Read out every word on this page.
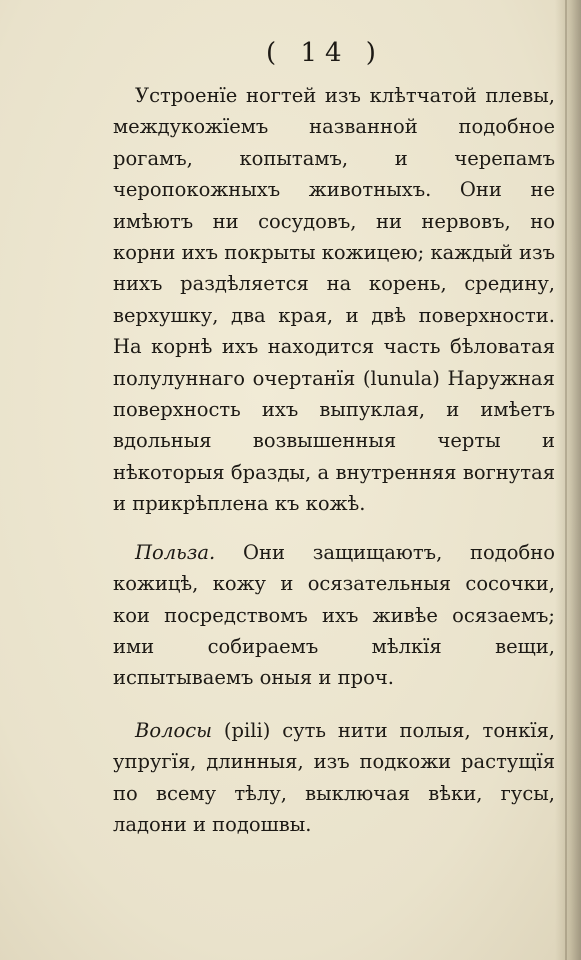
( 14 )

Устроенїе ногтей изъ клѣтчатой плевы, междукожїемъ названной подобное рогамъ, копытамъ, и черепамъ черопокожныхъ животныхъ. Они не имѣютъ ни сосудовъ, ни нервовъ, но корни ихъ покрыты кожицею; каждый изъ нихъ раздѣляется на корень, средину, верхушку, два края, и двѣ поверхности. На корнѣ ихъ находится часть бѣловатая полулуннаго очертанїя (lunula) Наружная поверхность ихъ выпуклая, и имѣетъ вдольныя возвышенныя черты и нѣкоторыя бразды, а внутренняя вогнутая и прикрѣплена къ кожѣ.

Польза. Они защищаютъ, подобно кожицѣ, кожу и осязательныя сосочки, кои посредствомъ ихъ живѣе осязаемъ; ими собираемъ мѣлкїя вещи, испытываемъ оныя и проч.

Волосы (pili) суть нити полыя, тонкїя, упругїя, длинныя, изъ подкожи растущїя по всему тѣлу, выключая вѣки, гусы, ладони и подошвы.
